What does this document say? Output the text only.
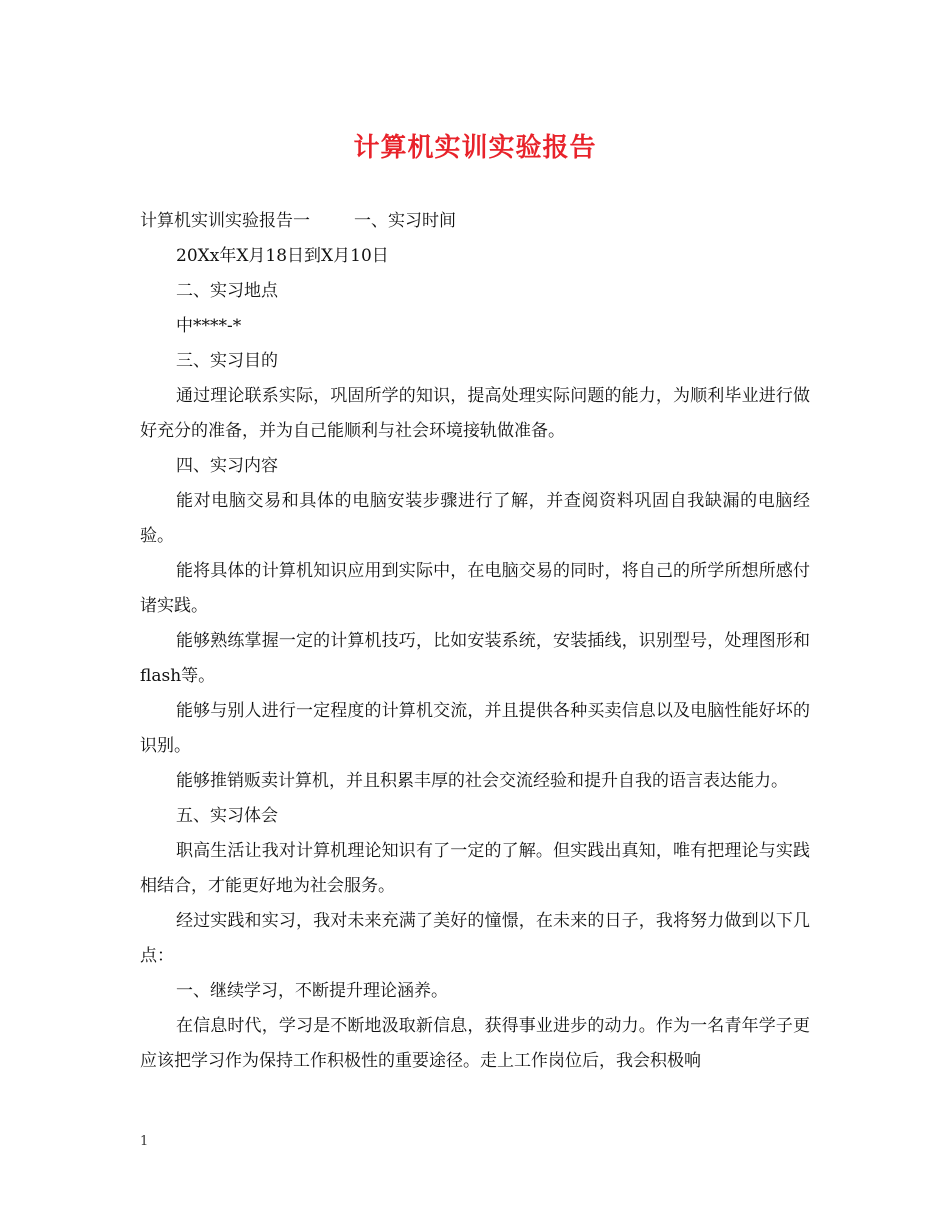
计算机实训实验报告

计算机实训实验报告一	一、实习时间

20Xx年X月18日到X月10日

二、实习地点

中****-*

三、实习目的

通过理论联系实际，巩固所学的知识，提高处理实际问题的能力，为顺利毕业进行做好充分的准备，并为自己能顺利与社会环境接轨做准备。

四、实习内容

能对电脑交易和具体的电脑安装步骤进行了解，并查阅资料巩固自我缺漏的电脑经验。

能将具体的计算机知识应用到实际中，在电脑交易的同时，将自己的所学所想所感付诸实践。

能够熟练掌握一定的计算机技巧，比如安装系统，安装插线，识别型号，处理图形和flash等。

能够与别人进行一定程度的计算机交流，并且提供各种买卖信息以及电脑性能好坏的识别。

能够推销贩卖计算机，并且积累丰厚的社会交流经验和提升自我的语言表达能力。

五、实习体会

职高生活让我对计算机理论知识有了一定的了解。但实践出真知，唯有把理论与实践相结合，才能更好地为社会服务。

经过实践和实习，我对未来充满了美好的憧憬，在未来的日子，我将努力做到以下几点：

一、继续学习，不断提升理论涵养。

在信息时代，学习是不断地汲取新信息，获得事业进步的动力。作为一名青年学子更应该把学习作为保持工作积极性的重要途径。走上工作岗位后，我会积极响

1
